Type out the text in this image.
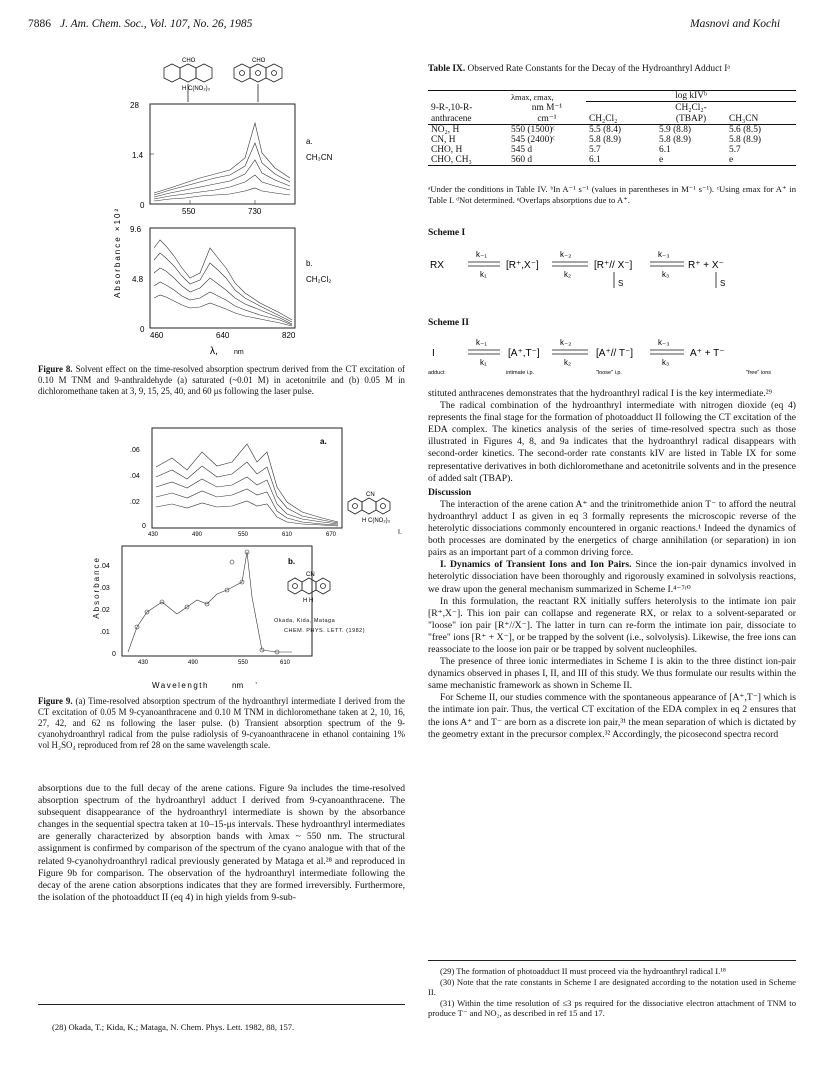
7886 J. Am. Chem. Soc., Vol. 107, No. 26, 1985	Masnovi and Kochi
CHO
H C(NO₂)₃
CHO
28
1.4
0
550	730
a.
CH₃CN
9.6
4.8
0
460	640	820
b.
CH₂Cl₂
λ, nm
Absorbance ×10²
Figure 8. Solvent effect on the time-resolved absorption spectrum derived from the CT excitation of 0.10 M TNM and 9-anthraldehyde (a) saturated (~0.01 M) in acetonitrile and (b) 0.05 M in dichloromethane taken at 3, 9, 15, 25, 40, and 60 μs following the laser pulse.
.06
.04
.02
0
430	490	550	610	670
a.
.04
.03
.02
.01
0
430	490	550	610
b.
Wavelength	nm
Absorbance
,
CN
H C(NO₂)₃
I.
CN
H H
Okada, Kida, Mataga
CHEM. PHYS. LETT. (1982)
Figure 9. (a) Time-resolved absorption spectrum of the hydroanthryl intermediate I derived from the CT excitation of 0.05 M 9-cyanoanthracene and 0.10 M TNM in dichloromethane taken at 2, 10, 16, 27, 42, and 62 ns following the laser pulse. (b) Transient absorption spectrum of the 9-cyanohydroanthryl radical from the pulse radiolysis of 9-cyanoanthracene in ethanol containing 1% vol H₂SO₄ reproduced from ref 28 on the same wavelength scale.

absorptions due to the full decay of the arene cations. Figure 9a includes the time-resolved absorption spectrum of the hydroanthryl adduct I derived from 9-cyanoanthracene. The subsequent disappearance of the hydroanthryl intermediate is shown by the absorbance changes in the sequential spectra taken at 10–15-μs intervals. These hydroanthryl intermediates are generally characterized by absorption bands with λmax ~ 550 nm. The structural assignment is confirmed by comparison of the spectrum of the cyano analogue with that of the related 9-cyanohydroanthryl radical previously generated by Mataga et al.²⁸ and reproduced in Figure 9b for comparison. The observation of the hydroanthryl intermediate following the decay of the arene cation absorptions indicates that they are formed irreversibly. Furthermore, the isolation of the photoadduct II (eq 4) in high yields from 9-sub-

(28) Okada, T.; Kida, K.; Mataga, N. Chem. Phys. Lett. 1982, 88, 157.
Table IX. Observed Rate Constants for the Decay of the Hydroanthryl Adduct Iᵃ
	λmax, εmax,	log kIVᵇ		
9-R-,10-R-	nm M⁻¹		CH₂Cl₂-	
anthracene	cm⁻¹	CH₂Cl₂	(TBAP)	CH₃CN
NO₂, H	550 (1500)ᶜ	5.5 (8.4)	5.9 (8.8)	5.6 (8.5)
CN, H	545 (2400)ᶜ	5.8 (8.9)	5.8 (8.9)	5.8 (8.9)
CHO, H	545 d	5.7	6.1	5.7
CHO, CH₃	560 d	6.1	e	e
ᵃUnder the conditions in Table IV. ᵇIn A⁻¹ s⁻¹ (values in parentheses in M⁻¹ s⁻¹). ᶜUsing εmax for A⁺ in Table I. ᵈNot determined. ᵉOverlaps absorptions due to A⁺.
Scheme I
RX	[R⁺,X⁻]	[R⁺// X⁻]	R⁺ + X⁻
k₋₁
k₁
k₋₂
k₂
k₋₃
k₃
S	S
Scheme II
I	[A⁺,T⁻]	[A⁺// T⁻]	A⁺ + T⁻
k₋₁
k₁
k₋₂
k₂
k₋₃
k₃
adduct	intimate i.p.	"loose" i.p.	"free" ions

stituted anthracenes demonstrates that the hydroanthryl radical I is the key intermediate.²⁹

The radical combination of the hydroanthryl intermediate with nitrogen dioxide (eq 4) represents the final stage for the formation of photoadduct II following the CT excitation of the EDA complex. The kinetics analysis of the series of time-resolved spectra such as those illustrated in Figures 4, 8, and 9a indicates that the hydroanthryl radical disappears with second-order kinetics. The second-order rate constants kIV are listed in Table IX for some representative derivatives in both dichloromethane and acetonitrile solvents and in the presence of added salt (TBAP).

Discussion

The interaction of the arene cation A⁺ and the trinitromethide anion T⁻ to afford the neutral hydroanthryl adduct I as given in eq 3 formally represents the microscopic reverse of the heterolytic dissociations commonly encountered in organic reactions.¹ Indeed the dynamics of both processes are dominated by the energetics of charge annihilation (or separation) in ion pairs as an important part of a common driving force.

I. Dynamics of Transient Ions and Ion Pairs. Since the ion-pair dynamics involved in heterolytic dissociation have been thoroughly and rigorously examined in solvolysis reactions, we draw upon the general mechanism summarized in Scheme I.⁴⁻⁷ʳ⁰

In this formulation, the reactant RX initially suffers heterolysis to the intimate ion pair [R⁺,X⁻]. This ion pair can collapse and regenerate RX, or relax to a solvent-separated or "loose" ion pair [R⁺//X⁻]. The latter in turn can re-form the intimate ion pair, dissociate to "free" ions [R⁺ + X⁻], or be trapped by the solvent (i.e., solvolysis). Likewise, the free ions can reassociate to the loose ion pair or be trapped by solvent nucleophiles.

The presence of three ionic intermediates in Scheme I is akin to the three distinct ion-pair dynamics observed in phases I, II, and III of this study. We thus formulate our results within the same mechanistic framework as shown in Scheme II.

For Scheme II, our studies commence with the spontaneous appearance of [A⁺,T⁻] which is the intimate ion pair. Thus, the vertical CT excitation of the EDA complex in eq 2 ensures that the ions A⁺ and T⁻ are born as a discrete ion pair,³¹ the mean separation of which is dictated by the geometry extant in the precursor complex.³² Accordingly, the picosecond spectra record

(29) The formation of photoadduct II must proceed via the hydroanthryl radical I.¹⁸
(30) Note that the rate constants in Scheme I are designated according to the notation used in Scheme II.
(31) Within the time resolution of ≤3 ps required for the dissociative electron attachment of TNM to produce T⁻ and NO₂, as described in ref 15 and 17.
